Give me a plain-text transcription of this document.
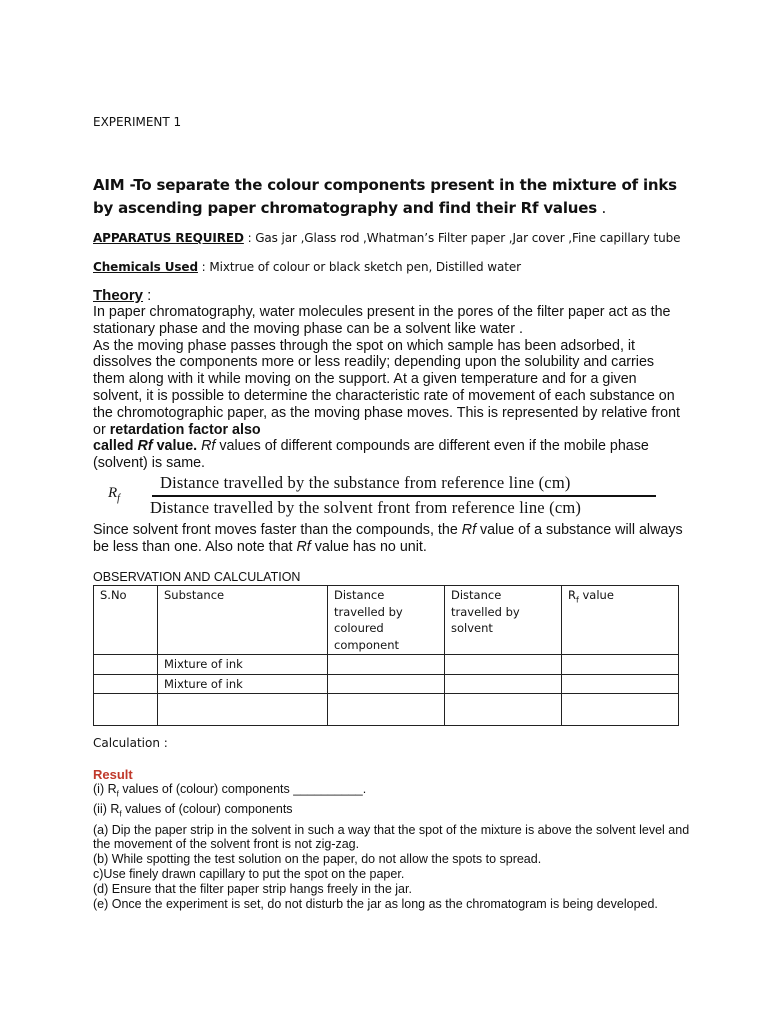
EXPERIMENT 1
AIM -To separate the colour components present in the mixture of inks by ascending paper chromatography and find their Rf values .
APPARATUS REQUIRED : Gas jar ,Glass rod ,Whatman’s Filter paper ,Jar cover ,Fine capillary tube
Chemicals Used : Mixtrue of colour or black sketch pen, Distilled water
Theory :

In paper chromatography, water molecules present in the pores of the filter paper act as the stationary phase and the moving phase can be a solvent like water .

As the moving phase passes through the spot on which sample has been adsorbed, it dissolves the components more or less readily; depending upon the solubility and carries them along with it while moving on the support. At a given temperature and for a given solvent, it is possible to determine the characteristic rate of movement of each substance on the chromotographic paper, as the moving phase moves. This is represented by relative front or retardation factor also

called Rf value. Rf values of different compounds are different even if the mobile phase (solvent) is same.

$R_f$
Distance travelled by the substance from reference line (cm)
Distance travelled by the solvent front from reference line (cm)
Since solvent front moves faster than the compounds, the Rf value of a substance will always be less than one. Also note that Rf value has no unit.
OBSERVATION AND CALCULATION
S.No	Substance	Distance travelled by coloured component	Distance travelled by solvent	$R_f$ value
	Mixture of ink			
	Mixture of ink			

Calculation :
Result

(i) $R_f$ values of (colour) components __________.

(ii) $R_f$ values of (colour) components

(a) Dip the paper strip in the solvent in such a way that the spot of the mixture is above the solvent level and the movement of the solvent front is not zig-zag.

(b) While spotting the test solution on the paper, do not allow the spots to spread.

c)Use finely drawn capillary to put the spot on the paper.

(d) Ensure that the filter paper strip hangs freely in the jar.

(e) Once the experiment is set, do not disturb the jar as long as the chromatogram is being developed.
